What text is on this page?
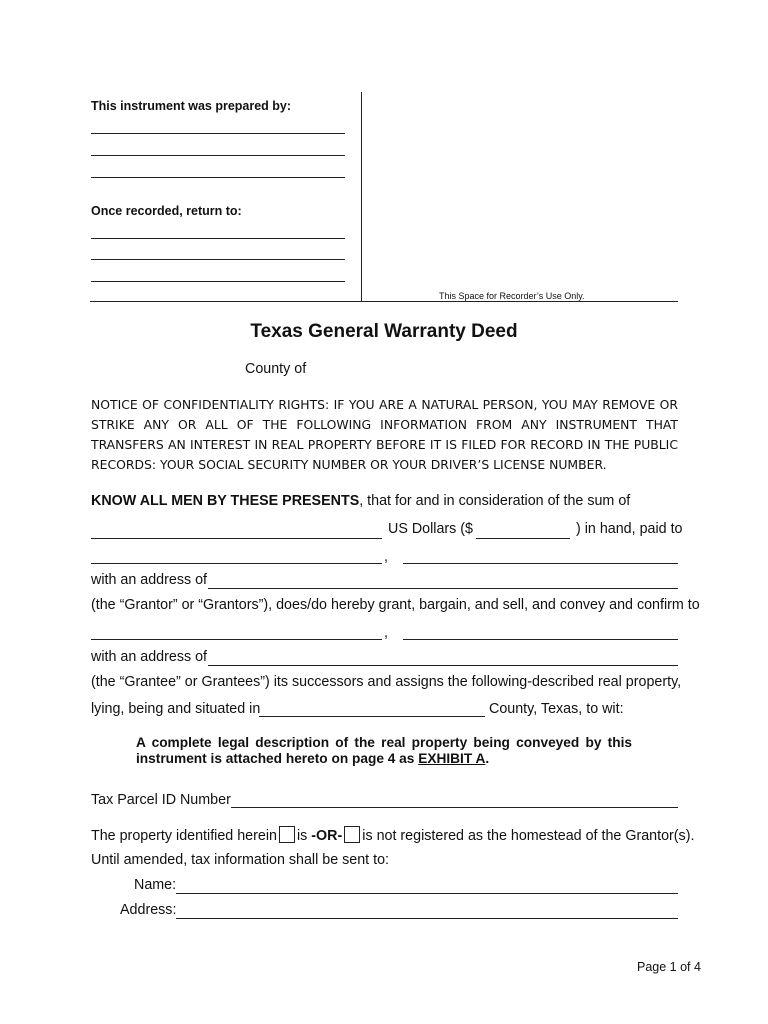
This instrument was prepared by:
Once recorded, return to:
This Space for Recorder’s Use Only.
Texas General Warranty Deed
County of
NOTICE OF CONFIDENTIALITY RIGHTS: IF YOU ARE A NATURAL PERSON, YOU MAY REMOVE OR
STRIKE ANY OR ALL OF THE FOLLOWING INFORMATION FROM ANY INSTRUMENT THAT
TRANSFERS AN INTEREST IN REAL PROPERTY BEFORE IT IS FILED FOR RECORD IN THE PUBLIC
RECORDS: YOUR SOCIAL SECURITY NUMBER OR YOUR DRIVER’S LICENSE NUMBER.
KNOW ALL MEN BY THESE PRESENTS, that for and in consideration of the sum of
US Dollars ($	) in hand, paid to
,
with an address of
(the “Grantor” or “Grantors”), does/do hereby grant, bargain, and sell, and convey and confirm to
,
with an address of
(the “Grantee” or Grantees”) its successors and assigns the following-described real property,
lying, being and situated in	County, Texas, to wit:
A complete legal description of the real property being conveyed by this instrument is attached hereto on page 4 as EXHIBIT A.
Tax Parcel ID Number
The property identified herein is -OR- is not registered as the homestead of the Grantor(s).
Until amended, tax information shall be sent to:
Name:
Address:
Page 1 of 4
